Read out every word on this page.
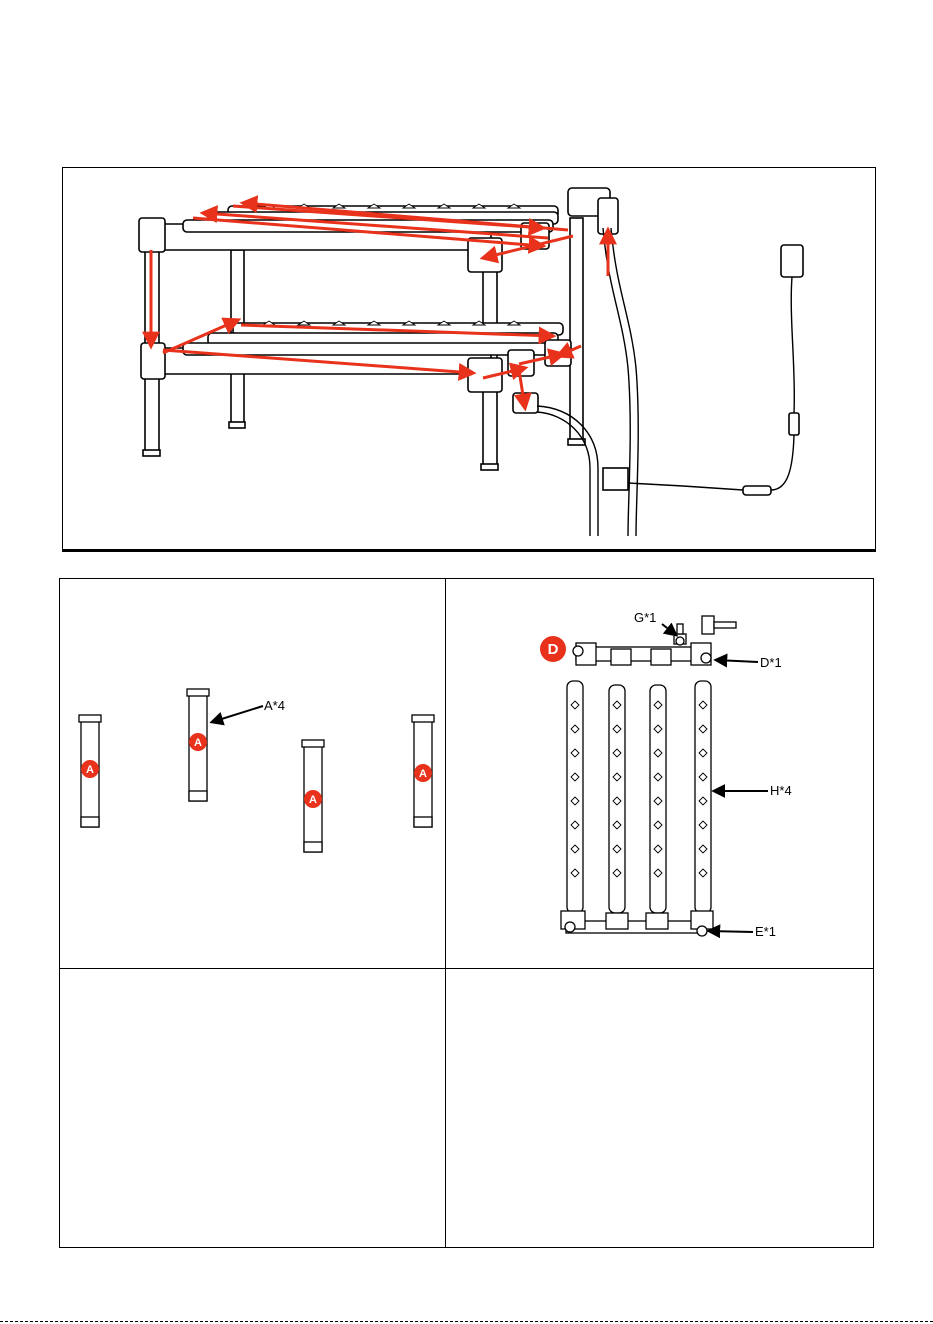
A
A
A
A
A*4
D
G*1
D*1
H*4
E*1
